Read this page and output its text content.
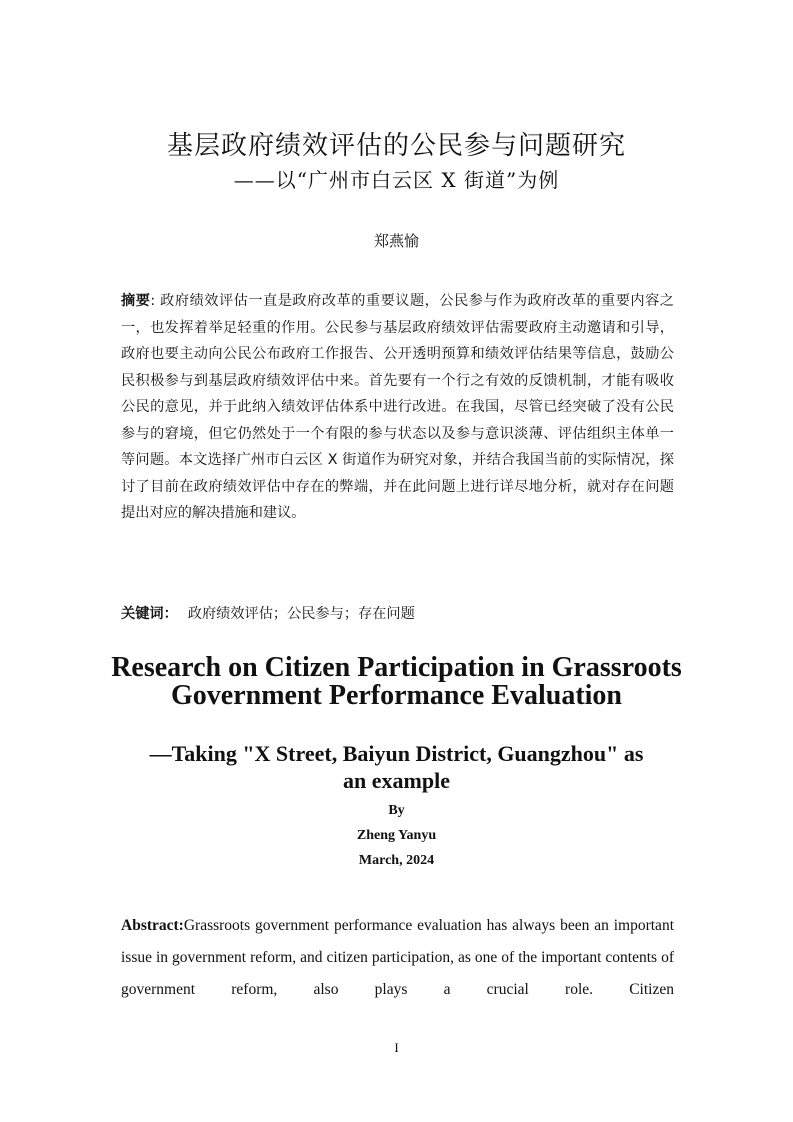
基层政府绩效评估的公民参与问题研究
——以“广州市白云区 X 街道”为例
郑燕愉
摘要: 政府绩效评估一直是政府改革的重要议题，公民参与作为政府改革的重要内容之一，也发挥着举足轻重的作用。公民参与基层政府绩效评估需要政府主动邀请和引导，政府也要主动向公民公布政府工作报告、公开透明预算和绩效评估结果等信息，鼓励公民积极参与到基层政府绩效评估中来。首先要有一个行之有效的反馈机制，才能有吸收公民的意见，并于此纳入绩效评估体系中进行改进。在我国，尽管已经突破了没有公民参与的窘境，但它仍然处于一个有限的参与状态以及参与意识淡薄、评估组织主体单一等问题。本文选择广州市白云区 X 街道作为研究对象，并结合我国当前的实际情况，探讨了目前在政府绩效评估中存在的弊端，并在此问题上进行详尽地分析，就对存在问题提出对应的解决措施和建议。
关键词： 政府绩效评估；公民参与；存在问题
Research on Citizen Participation in Grassroots Government Performance Evaluation
—Taking "X Street, Baiyun District, Guangzhou" as an example
By
Zheng Yanyu
March, 2024
Abstract:Grassroots government performance evaluation has always been an important issue in government reform, and citizen participation, as one of the important contents of government reform, also plays a crucial role. Citizen
I
